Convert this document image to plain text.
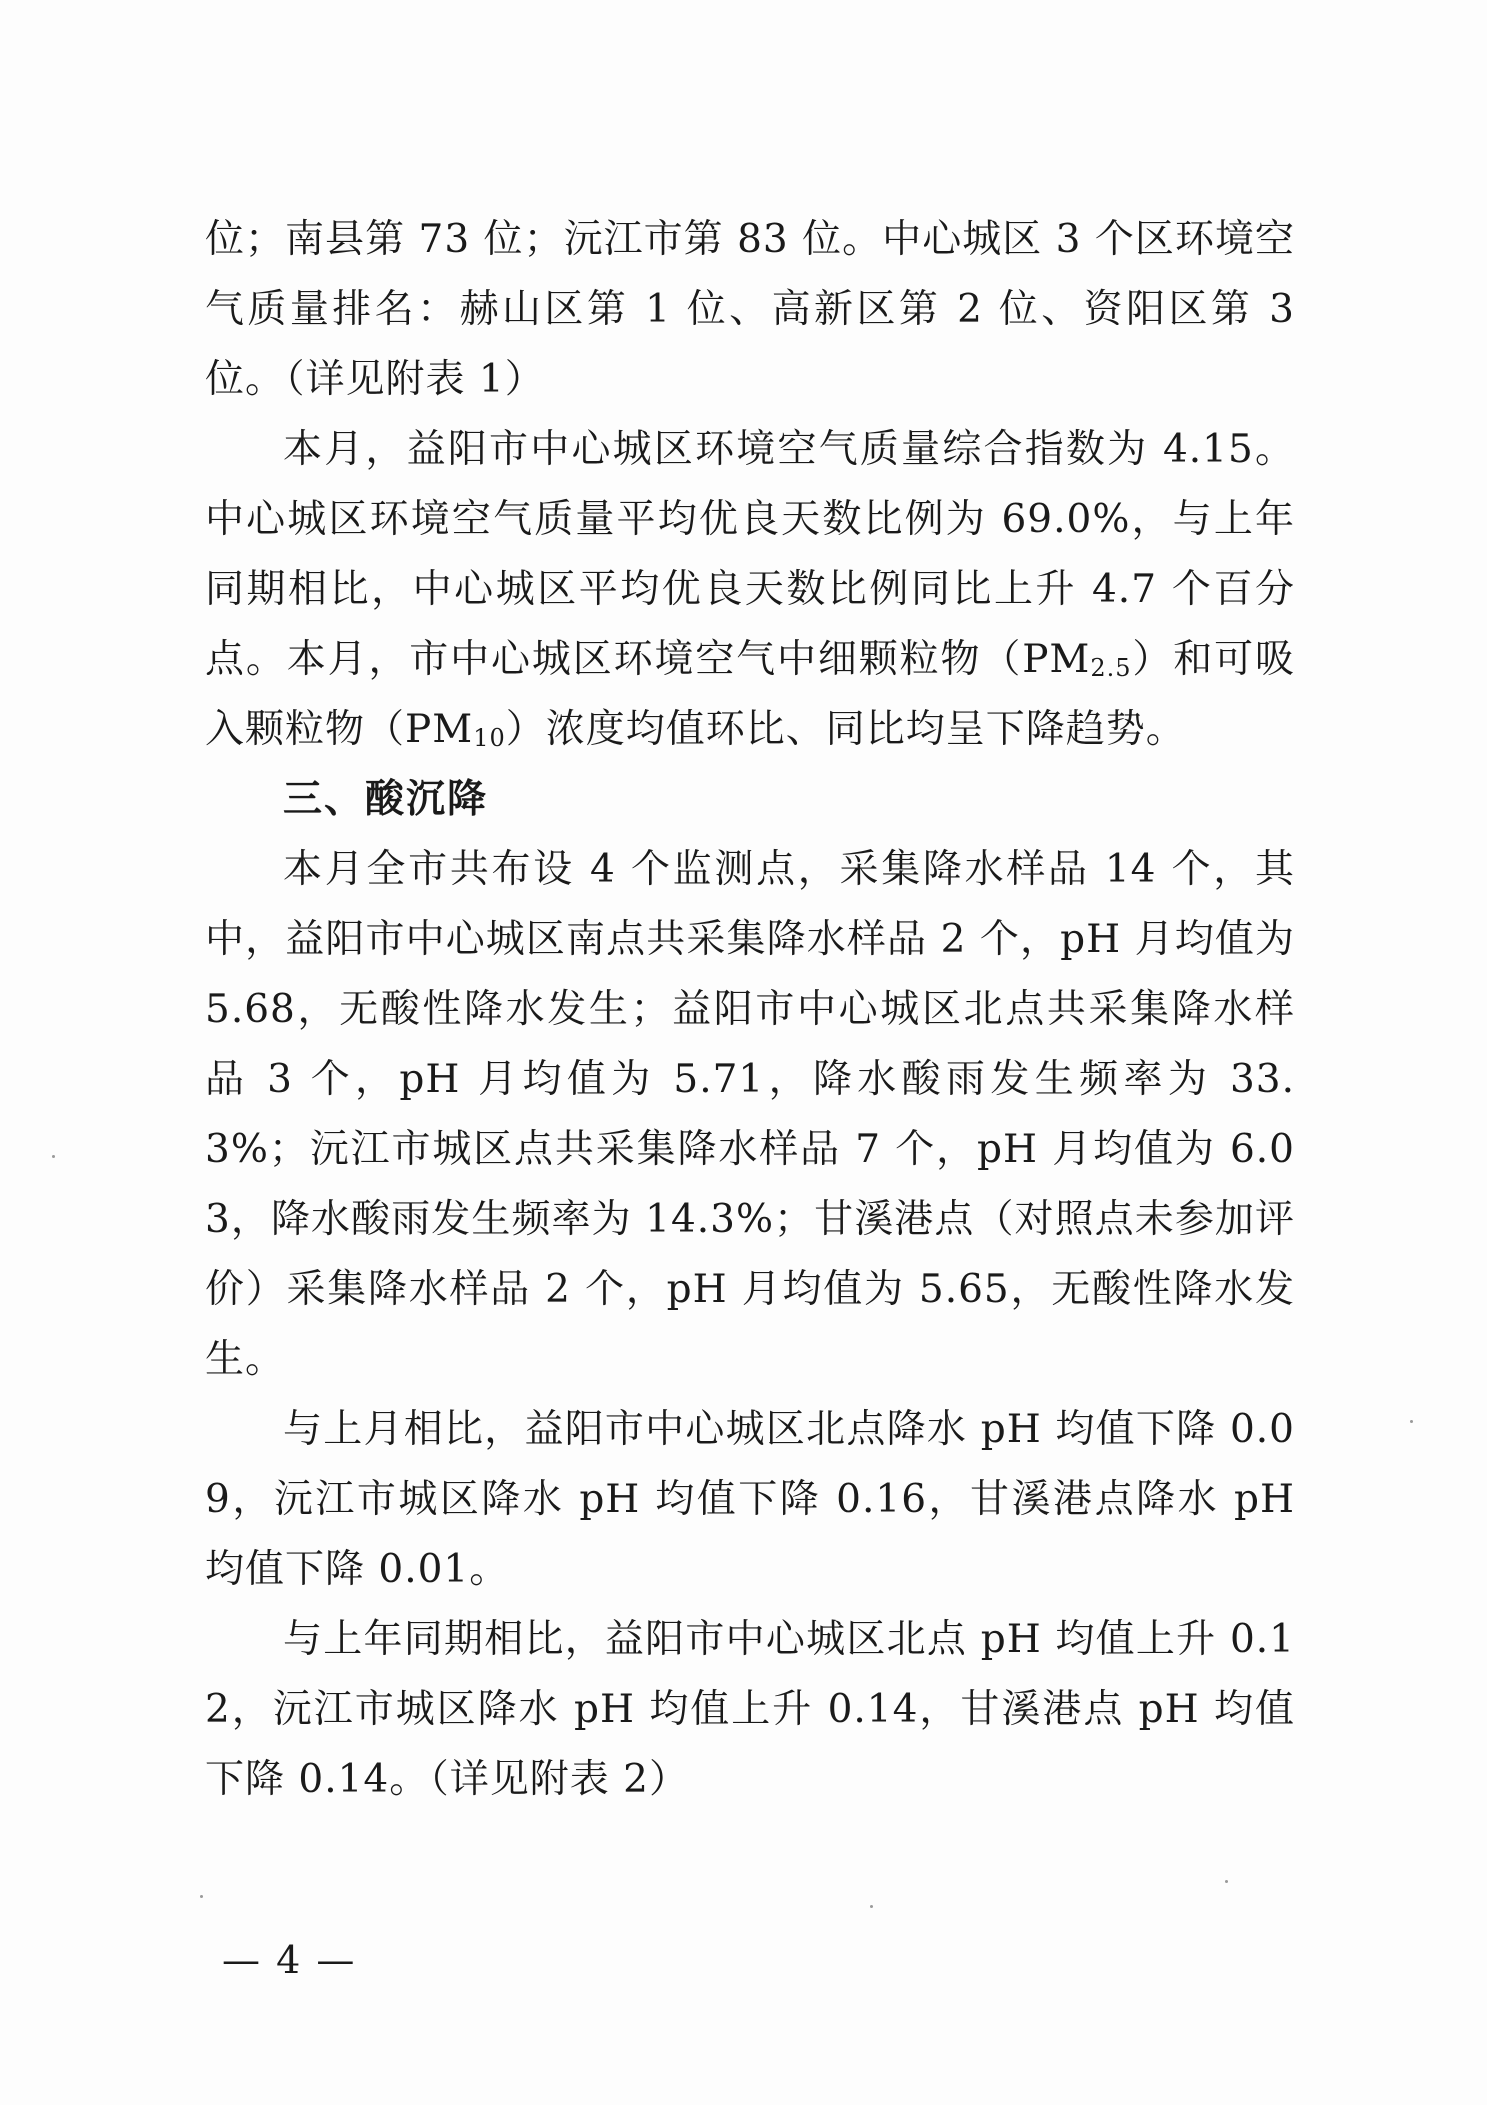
位；南县第 73 位；沅江市第 83 位。中心城区 3 个区环境空气质量排名：赫山区第 1 位、高新区第 2 位、资阳区第 3 位。（详见附表 1）

本月，益阳市中心城区环境空气质量综合指数为 4.15。中心城区环境空气质量平均优良天数比例为 69.0%，与上年同期相比，中心城区平均优良天数比例同比上升 4.7 个百分点。本月，市中心城区环境空气中细颗粒物$(PM_{2.5})$和可吸入颗粒物$(PM_{10})$浓度均值环比、同比均呈下降趋势。

三、酸沉降

本月全市共布设 4 个监测点，采集降水样品 14 个，其中，益阳市中心城区南点共采集降水样品 2 个，pH 月均值为 5.68，无酸性降水发生；益阳市中心城区北点共采集降水样品 3 个，pH 月均值为 5.71，降水酸雨发生频率为 33.3%；沅江市城区点共采集降水样品 7 个，pH 月均值为 6.03，降水酸雨发生频率为 14.3%；甘溪港点（对照点未参加评价）采集降水样品 2 个，pH 月均值为 5.65，无酸性降水发生。

与上月相比，益阳市中心城区北点降水 pH 均值下降 0.09，沅江市城区降水 pH 均值下降 0.16，甘溪港点降水 pH 均值下降 0.01。

与上年同期相比，益阳市中心城区北点 pH 均值上升 0.12，沅江市城区降水 pH 均值上升 0.14，甘溪港点 pH 均值下降 0.14。（详见附表 2）

— 4 —
